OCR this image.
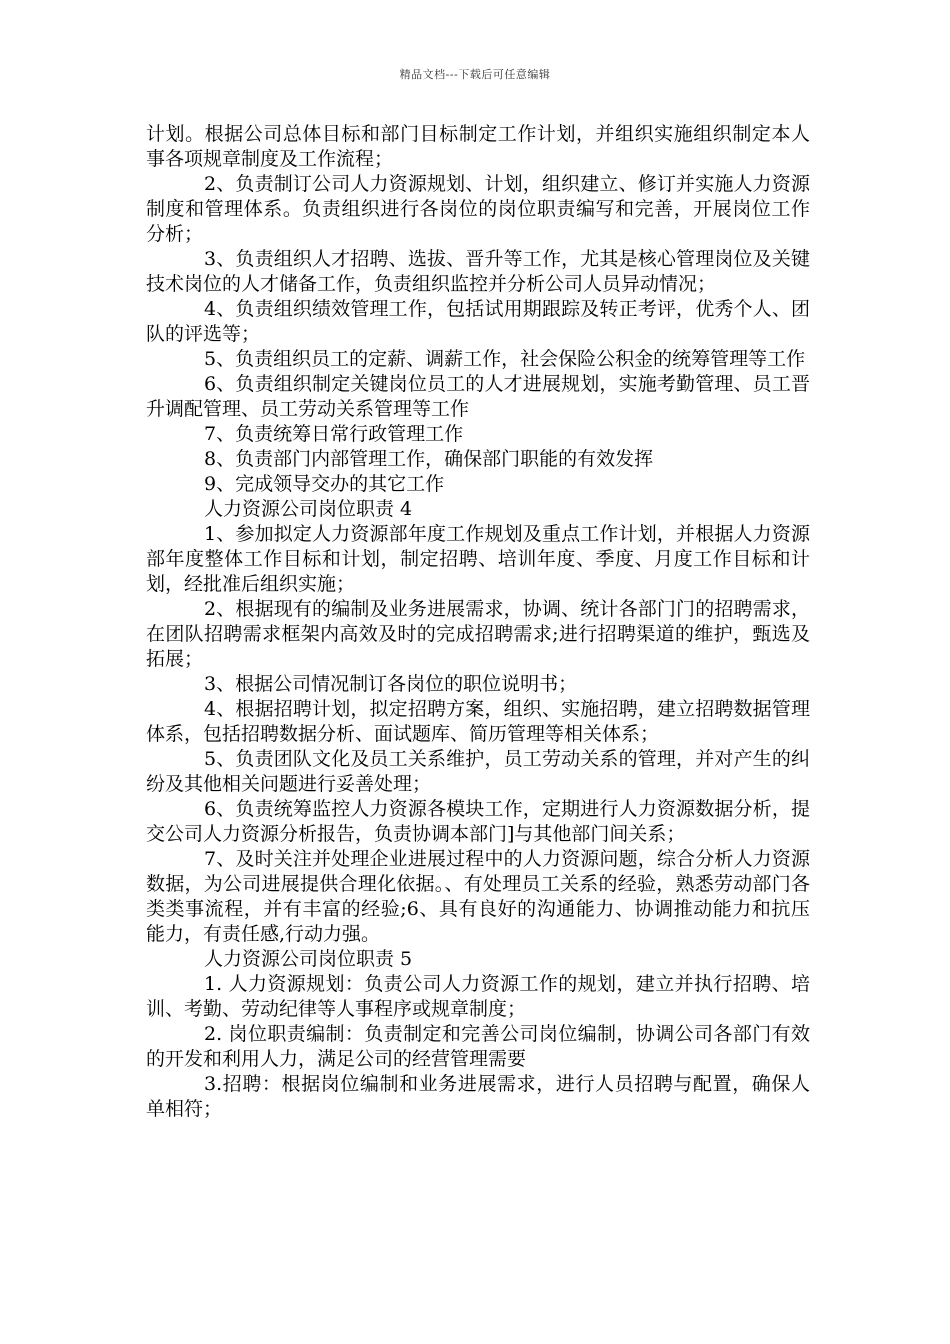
精品文档---下载后可任意编辑

计划。根据公司总体目标和部门目标制定工作计划，并组织实施组织制定本人事各项规章制度及工作流程；

2、负责制订公司人力资源规划、计划，组织建立、修订并实施人力资源制度和管理体系。负责组织进行各岗位的岗位职责编写和完善，开展岗位工作分析；

3、负责组织人才招聘、选拔、晋升等工作，尤其是核心管理岗位及关键技术岗位的人才储备工作，负责组织监控并分析公司人员异动情况；

4、负责组织绩效管理工作，包括试用期跟踪及转正考评，优秀个人、团队的评选等；

5、负责组织员工的定薪、调薪工作，社会保险公积金的统筹管理等工作

6、负责组织制定关键岗位员工的人才进展规划，实施考勤管理、员工晋升调配管理、员工劳动关系管理等工作

7、负责统筹日常行政管理工作

8、负责部门内部管理工作，确保部门职能的有效发挥

9、完成领导交办的其它工作

人力资源公司岗位职责 4

1、参加拟定人力资源部年度工作规划及重点工作计划，并根据人力资源部年度整体工作目标和计划，制定招聘、培训年度、季度、月度工作目标和计划，经批准后组织实施；

2、根据现有的编制及业务进展需求，协调、统计各部门门的招聘需求，在团队招聘需求框架内高效及时的完成招聘需求;进行招聘渠道的维护，甄选及拓展；

3、根据公司情况制订各岗位的职位说明书；

4、根据招聘计划，拟定招聘方案，组织、实施招聘，建立招聘数据管理体系，包括招聘数据分析、面试题库、简历管理等相关体系；

5、负责团队文化及员工关系维护，员工劳动关系的管理，并对产生的纠纷及其他相关问题进行妥善处理；

6、负责统筹监控人力资源各模块工作，定期进行人力资源数据分析，提交公司人力资源分析报告，负责协调本部门]与其他部门间关系；

7、及时关注并处理企业进展过程中的人力资源问题，综合分析人力资源数据，为公司进展提供合理化依据。、有处理员工关系的经验，熟悉劳动部门各类类事流程，并有丰富的经验;6、具有良好的沟通能力、协调推动能力和抗压能力，有责任感,行动力强。

人力资源公司岗位职责 5

1. 人力资源规划：负责公司人力资源工作的规划，建立并执行招聘、培训、考勤、劳动纪律等人事程序或规章制度；

2. 岗位职责编制：负责制定和完善公司岗位编制，协调公司各部门有效的开发和利用人力，满足公司的经营管理需要

3.招聘：根据岗位编制和业务进展需求，进行人员招聘与配置，确保人单相符；
